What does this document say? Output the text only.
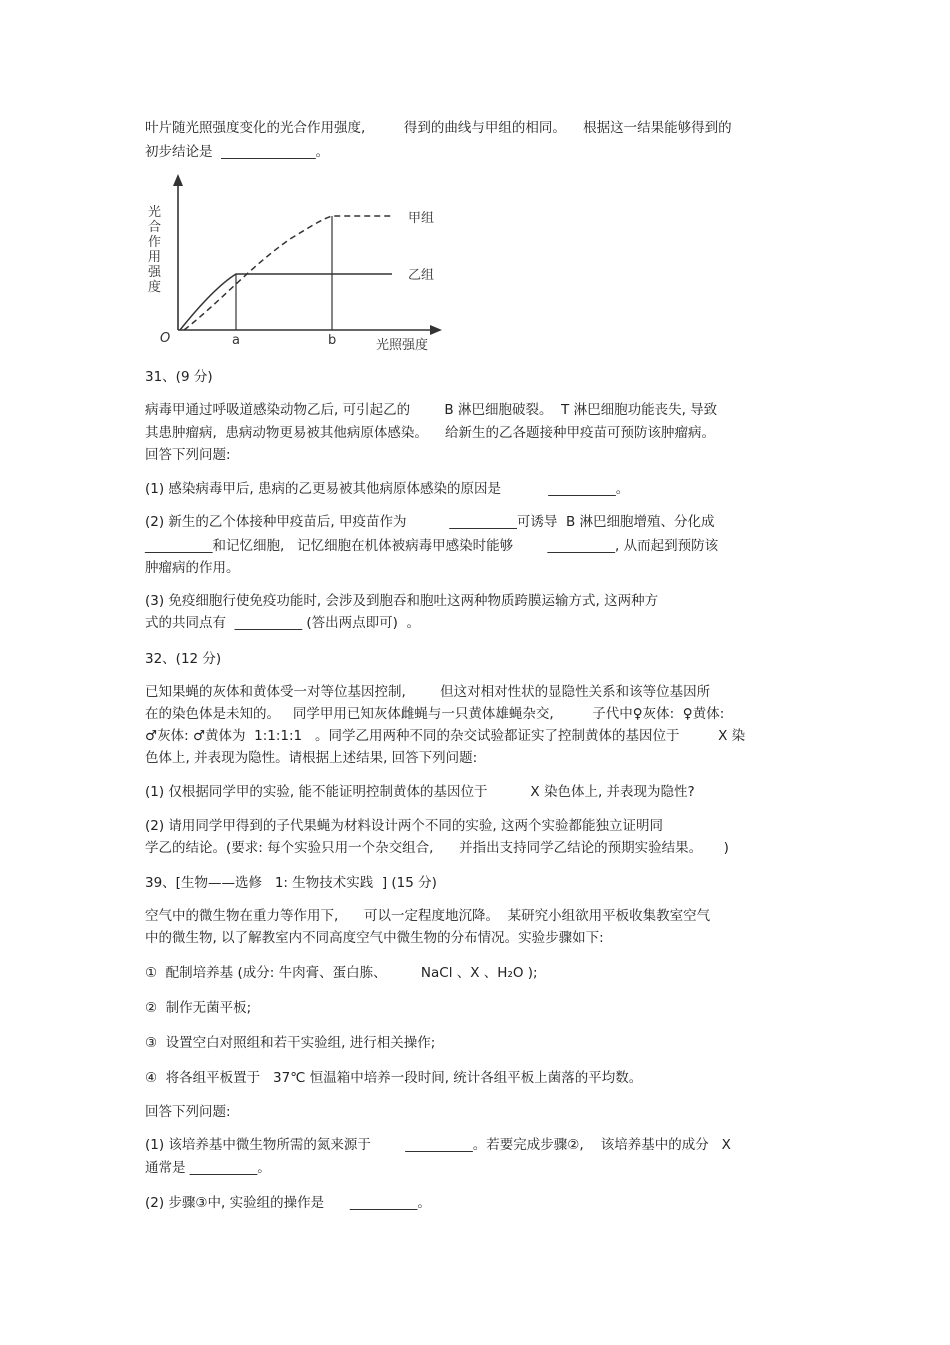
叶片随光照强度变化的光合作用强度,         得到的曲线与甲组的相同。    根据这一结果能够得到的
初步结论是  ______________。
光
合
作
用
强
度
甲组
乙组
O	a	b	光照强度
31、(9 分)
病毒甲通过呼吸道感染动物乙后, 可引起乙的        B 淋巴细胞破裂。  T 淋巴细胞功能丧失, 导致
其患肿瘤病,  患病动物更易被其他病原体感染。    给新生的乙各题接种甲疫苗可预防该肿瘤病。
回答下列问题:
(1) 感染病毒甲后, 患病的乙更易被其他病原体感染的原因是           __________。
(2) 新生的乙个体接种甲疫苗后, 甲疫苗作为          __________可诱导  B 淋巴细胞增殖、分化成
__________和记忆细胞,   记忆细胞在机体被病毒甲感染时能够        __________, 从而起到预防该
肿瘤病的作用。
(3) 免疫细胞行使免疫功能时, 会涉及到胞吞和胞吐这两种物质跨膜运输方式, 这两种方
式的共同点有  __________ (答出两点即可)  。
32、(12 分)
已知果蝇的灰体和黄体受一对等位基因控制,        但这对相对性状的显隐性关系和该等位基因所
在的染色体是未知的。   同学甲用已知灰体雌蝇与一只黄体雄蝇杂交,         子代中♀灰体:  ♀黄体:
♂灰体: ♂黄体为  1:1:1:1   。同学乙用两种不同的杂交试验都证实了控制黄体的基因位于         X 染
色体上, 并表现为隐性。请根据上述结果, 回答下列问题:
(1) 仅根据同学甲的实验, 能不能证明控制黄体的基因位于          X 染色体上, 并表现为隐性?
(2) 请用同学甲得到的子代果蝇为材料设计两个不同的实验, 这两个实验都能独立证明同
学乙的结论。(要求: 每个实验只用一个杂交组合,      并指出支持同学乙结论的预期实验结果。     )
39、[生物——选修   1: 生物技术实践  ] (15 分)
空气中的微生物在重力等作用下,      可以一定程度地沉降。  某研究小组欲用平板收集教室空气
中的微生物, 以了解教室内不同高度空气中微生物的分布情况。实验步骤如下:
①  配制培养基 (成分: 牛肉膏、蛋白胨、        NaCl 、X 、H₂O );
②  制作无菌平板;
③  设置空白对照组和若干实验组, 进行相关操作;
④  将各组平板置于   37℃ 恒温箱中培养一段时间, 统计各组平板上菌落的平均数。
回答下列问题:
(1) 该培养基中微生物所需的氮来源于        __________。若要完成步骤②,    该培养基中的成分   X
通常是 __________。
(2) 步骤③中, 实验组的操作是      __________。
